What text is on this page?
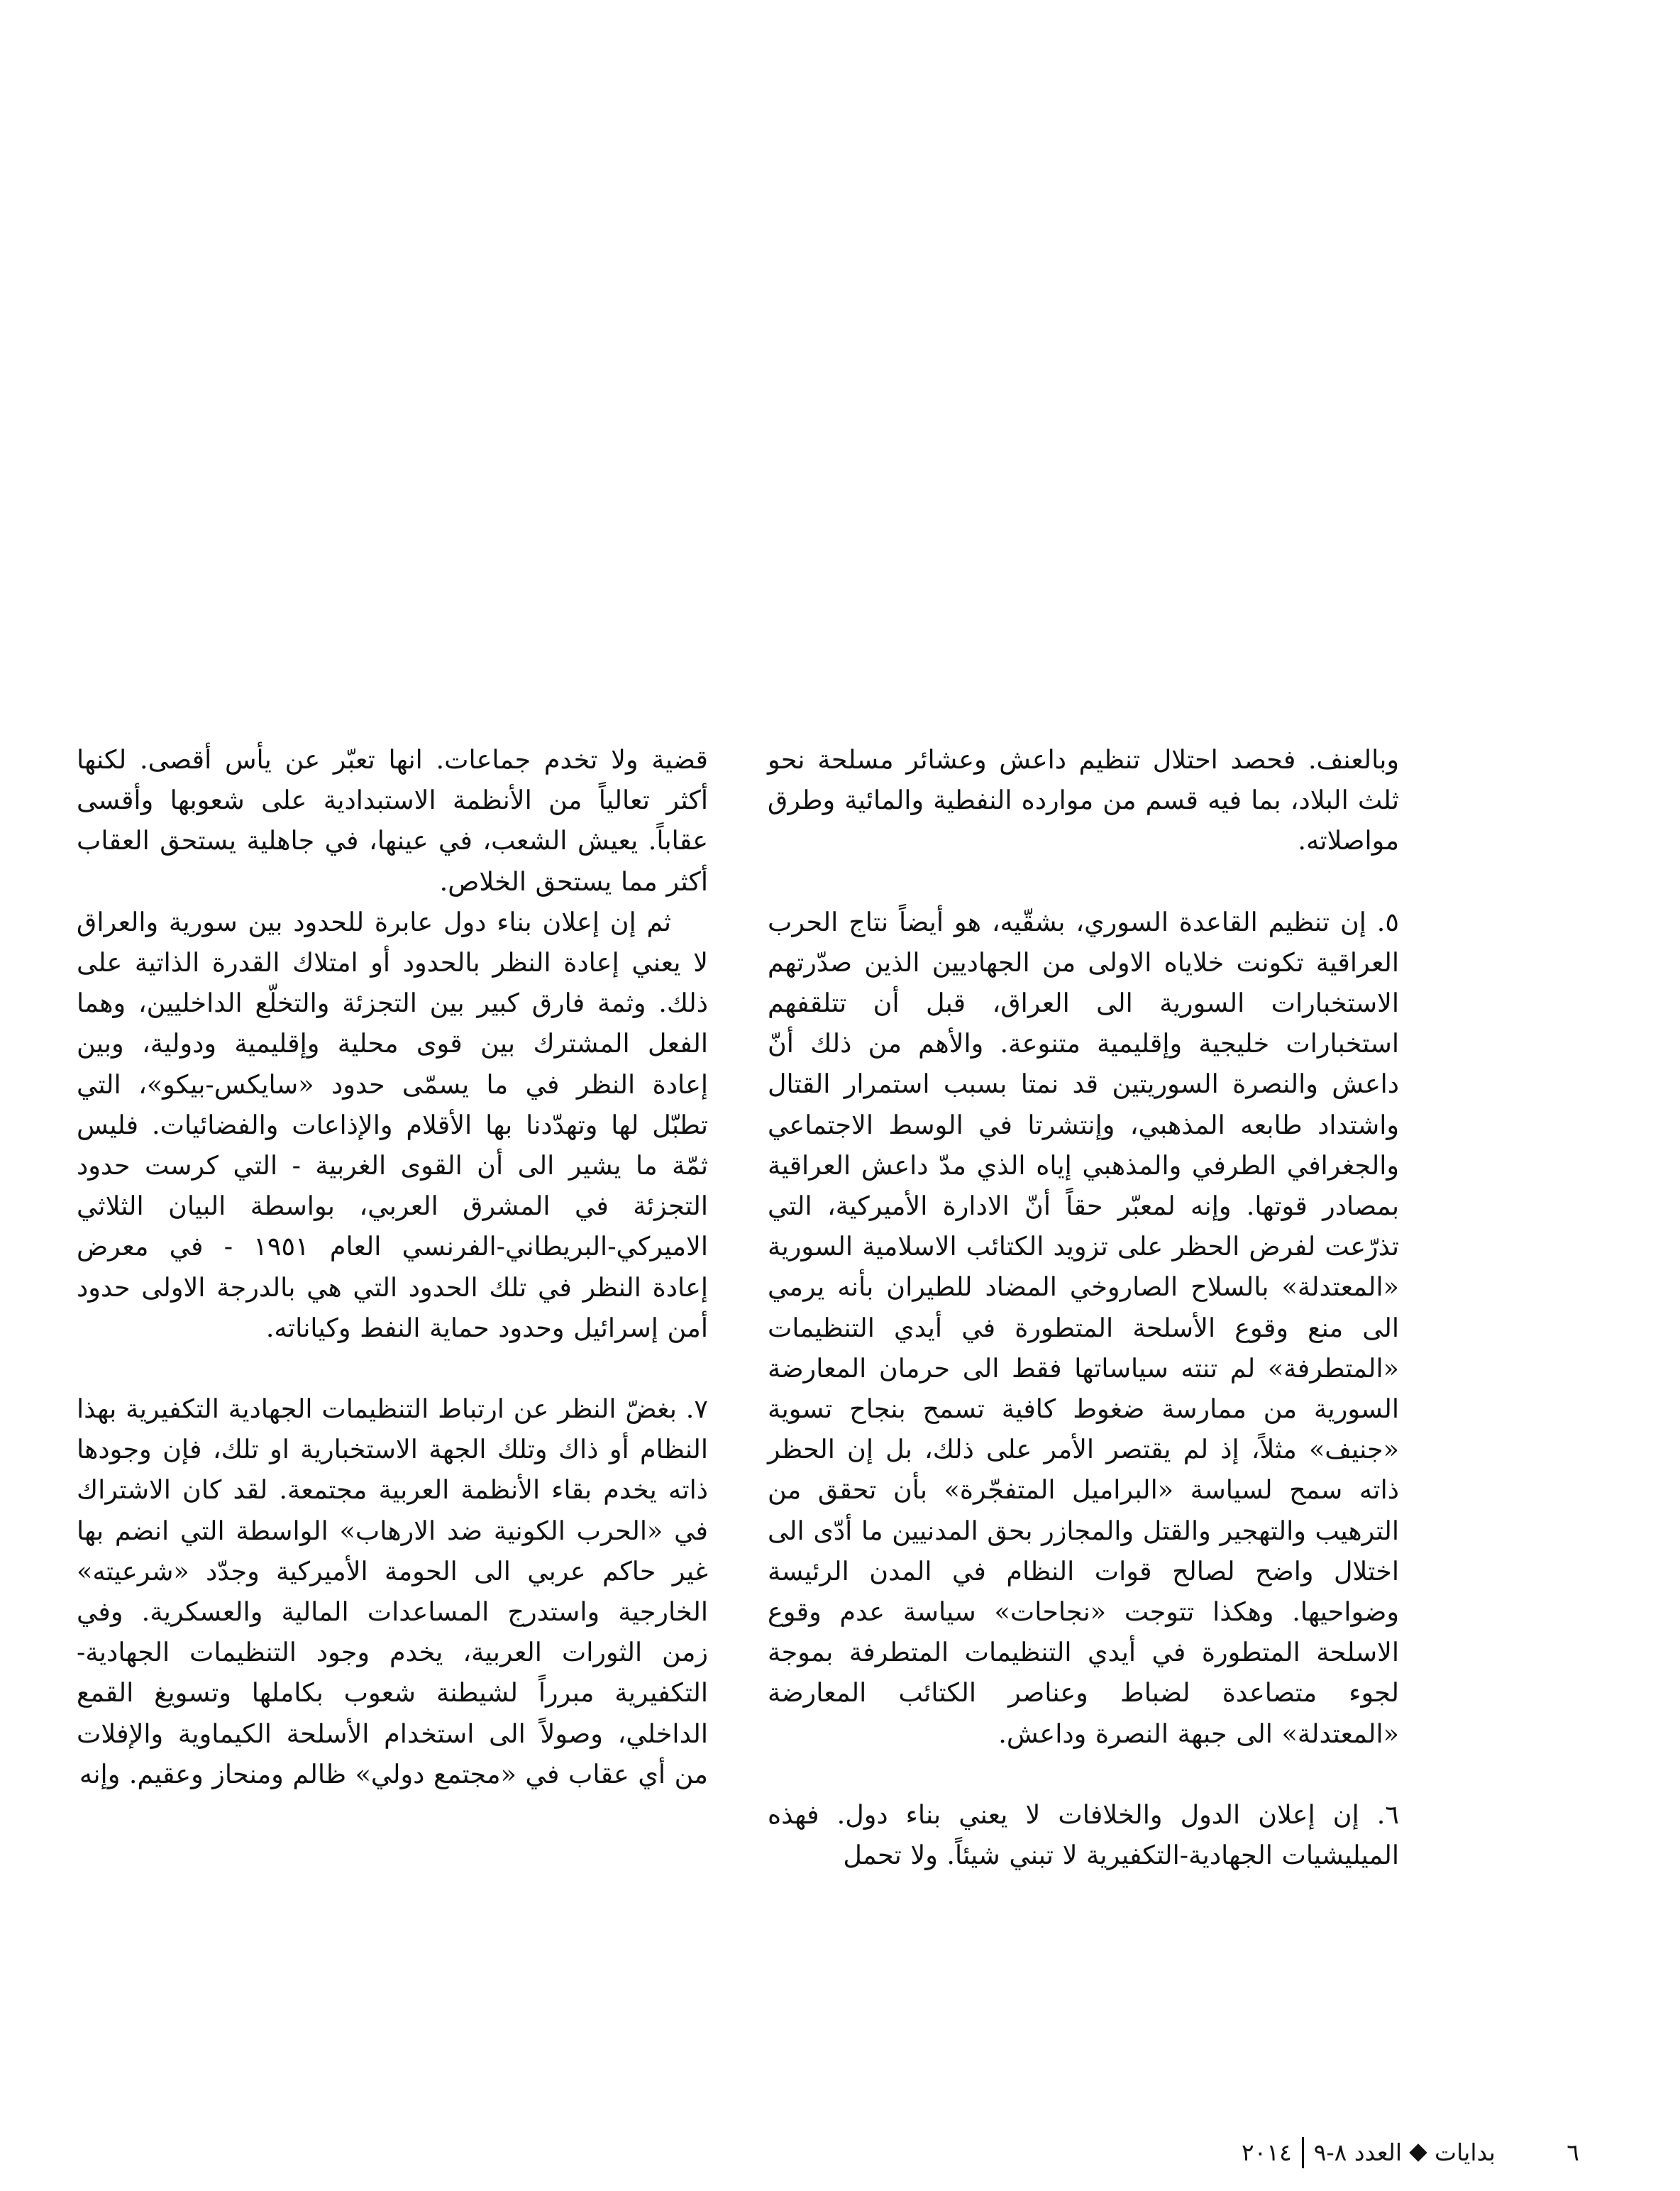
وبالعنف. فحصد احتلال تنظيم داعش وعشائر مسلحة نحو ثلث البلاد، بما فيه قسم من موارده النفطية والمائية وطرق مواصلاته.

٥. إن تنظيم القاعدة السوري، بشقّيه، هو أيضاً نتاج الحرب العراقية تكونت خلاياه الاولى من الجهاديين الذين صدّرتهم الاستخبارات السورية الى العراق، قبل أن تتلقفهم استخبارات خليجية وإقليمية متنوعة. والأهم من ذلك أنّ داعش والنصرة السوريتين قد نمتا بسبب استمرار القتال واشتداد طابعه المذهبي، وإنتشرتا في الوسط الاجتماعي والجغرافي الطرفي والمذهبي إياه الذي مدّ داعش العراقية بمصادر قوتها. وإنه لمعبّر حقاً أنّ الادارة الأميركية، التي تذرّعت لفرض الحظر على تزويد الكتائب الاسلامية السورية «المعتدلة» بالسلاح الصاروخي المضاد للطيران بأنه يرمي الى منع وقوع الأسلحة المتطورة في أيدي التنظيمات «المتطرفة» لم تنته سياساتها فقط الى حرمان المعارضة السورية من ممارسة ضغوط كافية تسمح بنجاح تسوية «جنيف» مثلاً، إذ لم يقتصر الأمر على ذلك، بل إن الحظر ذاته سمح لسياسة «البراميل المتفجّرة» بأن تحقق من الترهيب والتهجير والقتل والمجازر بحق المدنيين ما أدّى الى اختلال واضح لصالح قوات النظام في المدن الرئيسة وضواحيها. وهكذا تتوجت «نجاحات» سياسة عدم وقوع الاسلحة المتطورة في أيدي التنظيمات المتطرفة بموجة لجوء متصاعدة لضباط وعناصر الكتائب المعارضة «المعتدلة» الى جبهة النصرة وداعش.

٦. إن إعلان الدول والخلافات لا يعني بناء دول. فهذه الميليشيات الجهادية-التكفيرية لا تبني شيئاً. ولا تحمل

قضية ولا تخدم جماعات. انها تعبّر عن يأس أقصى. لكنها أكثر تعالياً من الأنظمة الاستبدادية على شعوبها وأقسى عقاباً. يعيش الشعب، في عينها، في جاهلية يستحق العقاب أكثر مما يستحق الخلاص.

ثم إن إعلان بناء دول عابرة للحدود بين سورية والعراق لا يعني إعادة النظر بالحدود أو امتلاك القدرة الذاتية على ذلك. وثمة فارق كبير بين التجزئة والتخلّع الداخليين، وهما الفعل المشترك بين قوى محلية وإقليمية ودولية، وبين إعادة النظر في ما يسمّى حدود «سايكس-بيكو»، التي تطبّل لها وتهدّدنا بها الأقلام والإذاعات والفضائيات. فليس ثمّة ما يشير الى أن القوى الغربية - التي كرست حدود التجزئة في المشرق العربي، بواسطة البيان الثلاثي الاميركي-البريطاني-الفرنسي العام ١٩٥١ - في معرض إعادة النظر في تلك الحدود التي هي بالدرجة الاولى حدود أمن إسرائيل وحدود حماية النفط وكياناته.

٧. بغضّ النظر عن ارتباط التنظيمات الجهادية التكفيرية بهذا النظام أو ذاك وتلك الجهة الاستخبارية او تلك، فإن وجودها ذاته يخدم بقاء الأنظمة العربية مجتمعة. لقد كان الاشتراك في «الحرب الكونية ضد الارهاب» الواسطة التي انضم بها غير حاكم عربي الى الحومة الأميركية وجدّد «شرعيته» الخارجية واستدرج المساعدات المالية والعسكرية. وفي زمن الثورات العربية، يخدم وجود التنظيمات الجهادية- التكفيرية مبرراً لشيطنة شعوب بكاملها وتسويغ القمع الداخلي، وصولاً الى استخدام الأسلحة الكيماوية والإفلات من أي عقاب في «مجتمع دولي» ظالم ومنحاز وعقيم. وإنه

بدايات
العدد ٨-٩
٢٠١٤	٦
